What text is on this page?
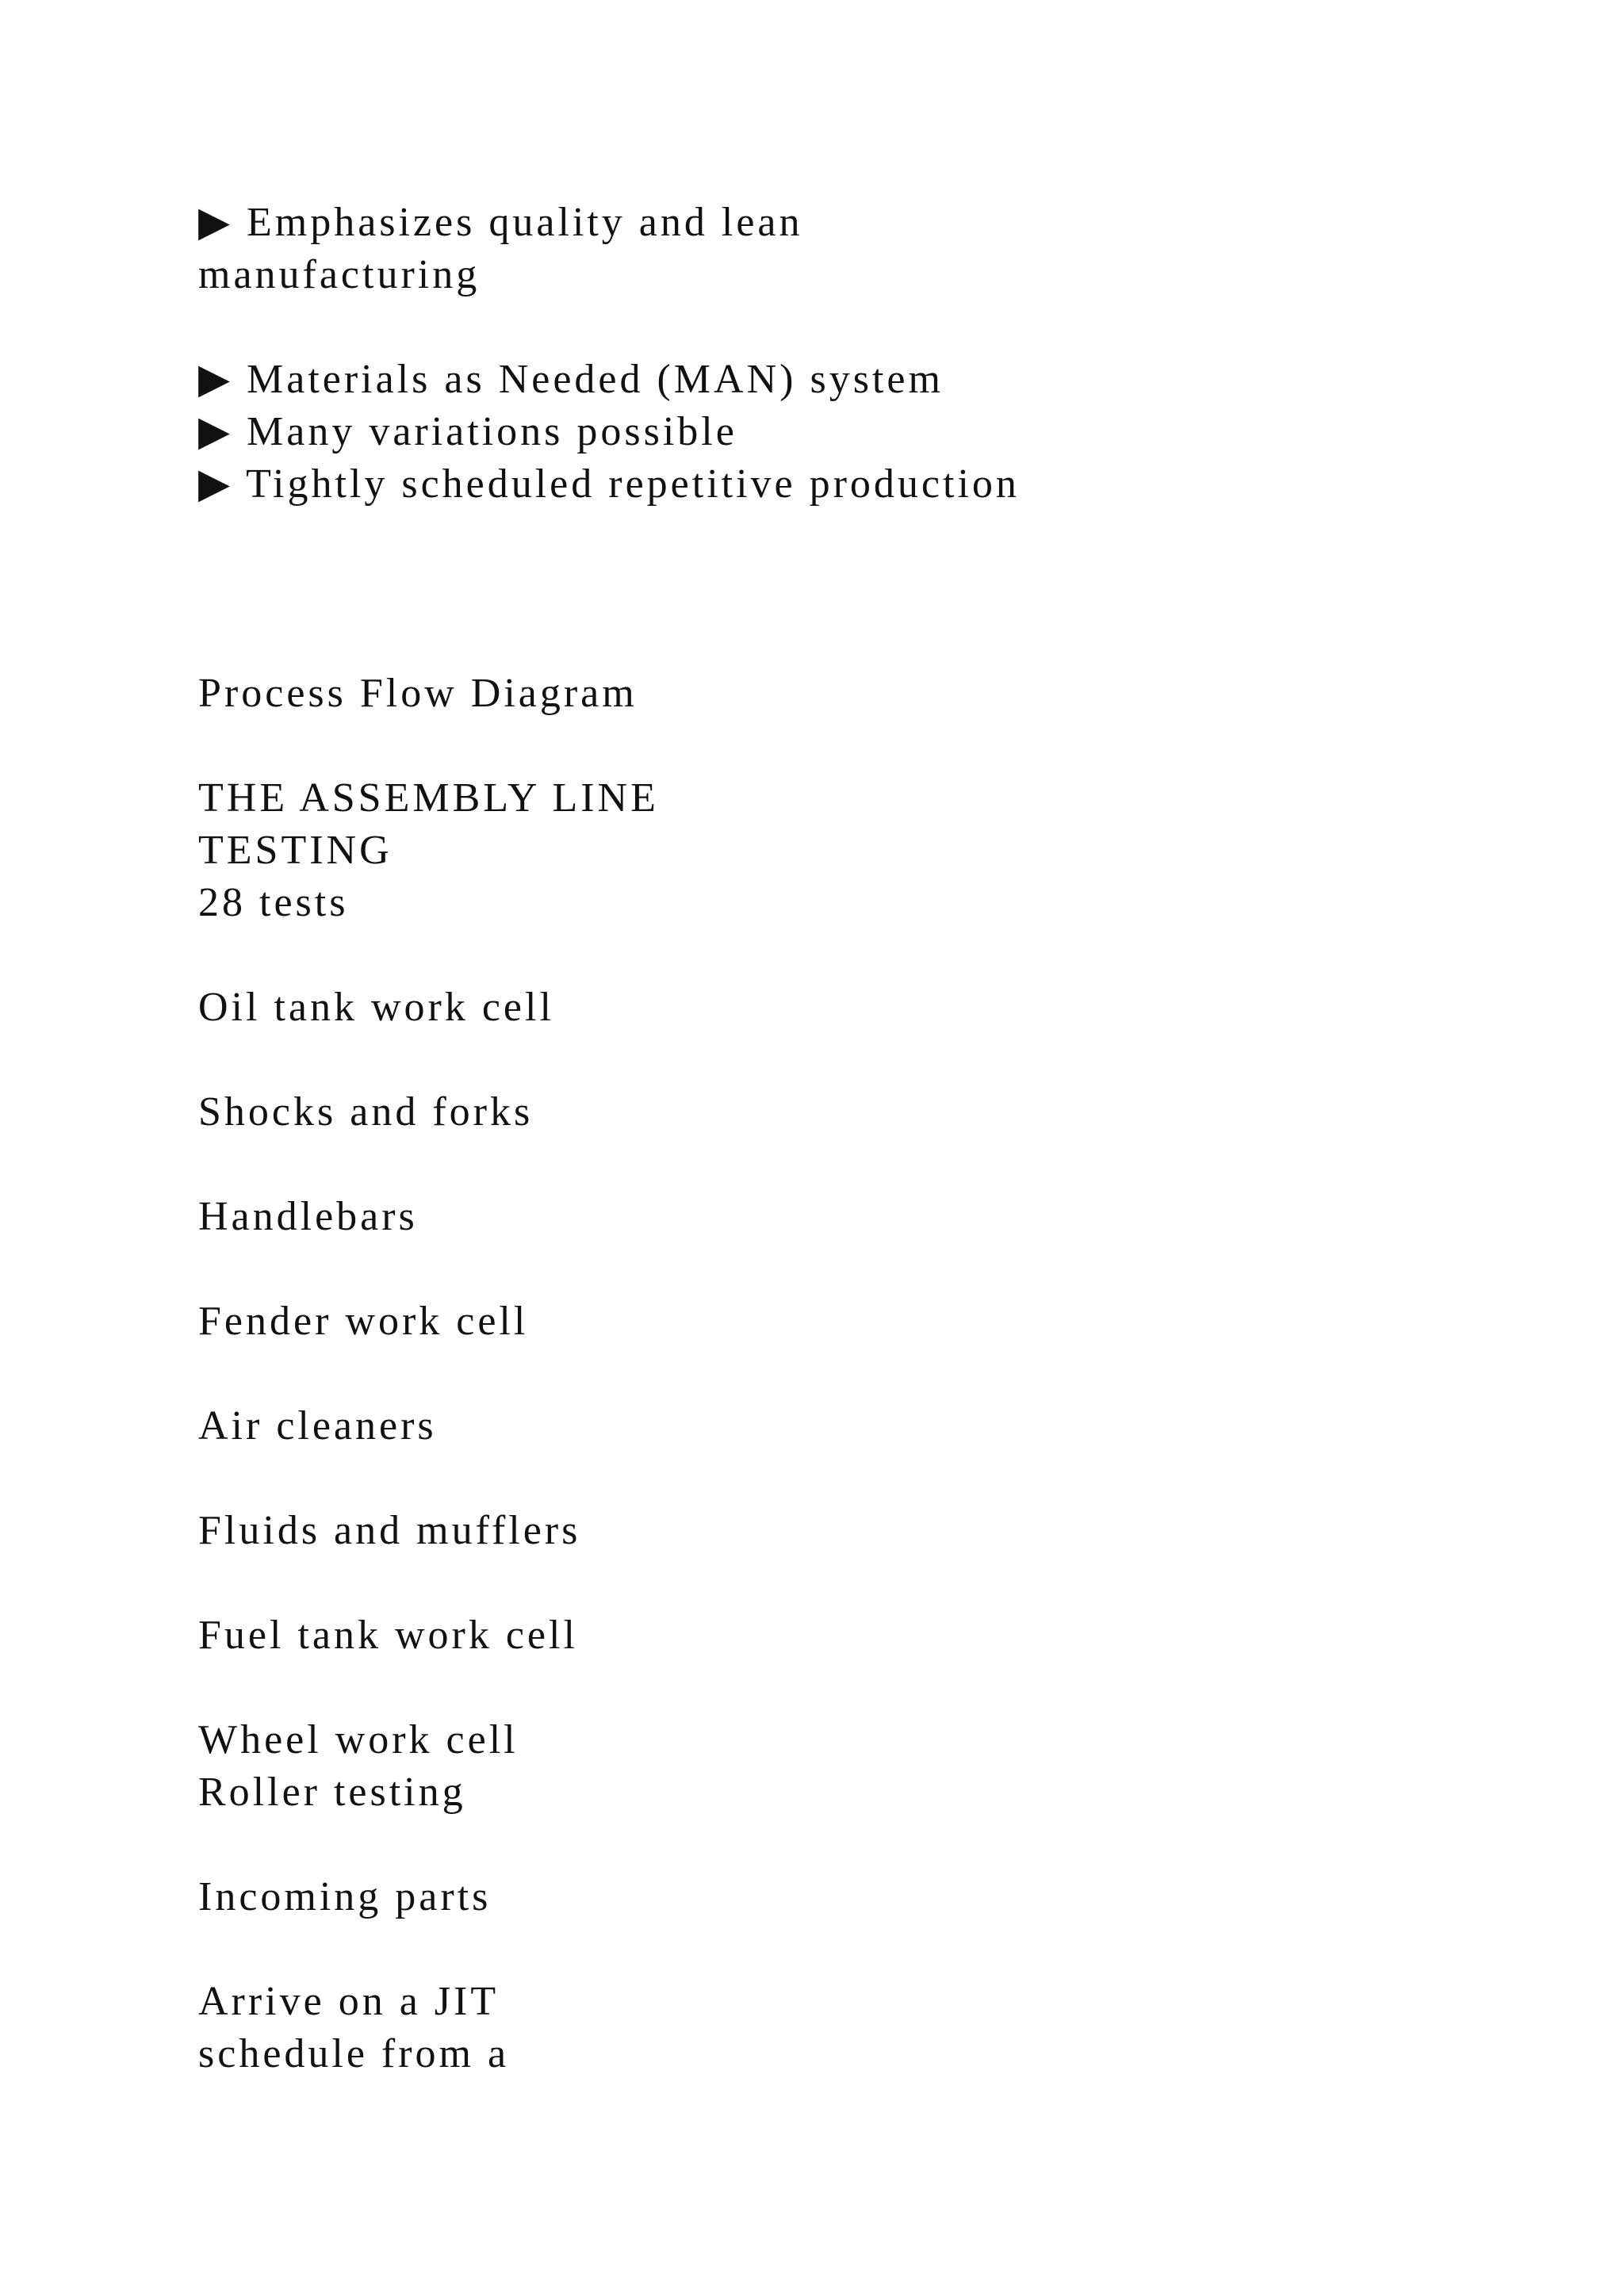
▶ Emphasizes quality and lean
manufacturing
▶ Materials as Needed (MAN) system
▶ Many variations possible
▶ Tightly scheduled repetitive production
Process Flow Diagram
THE ASSEMBLY LINE
TESTING
28 tests
Oil tank work cell
Shocks and forks
Handlebars
Fender work cell
Air cleaners
Fluids and mufflers
Fuel tank work cell
Wheel work cell
Roller testing
Incoming parts
Arrive on a JIT
schedule from a
